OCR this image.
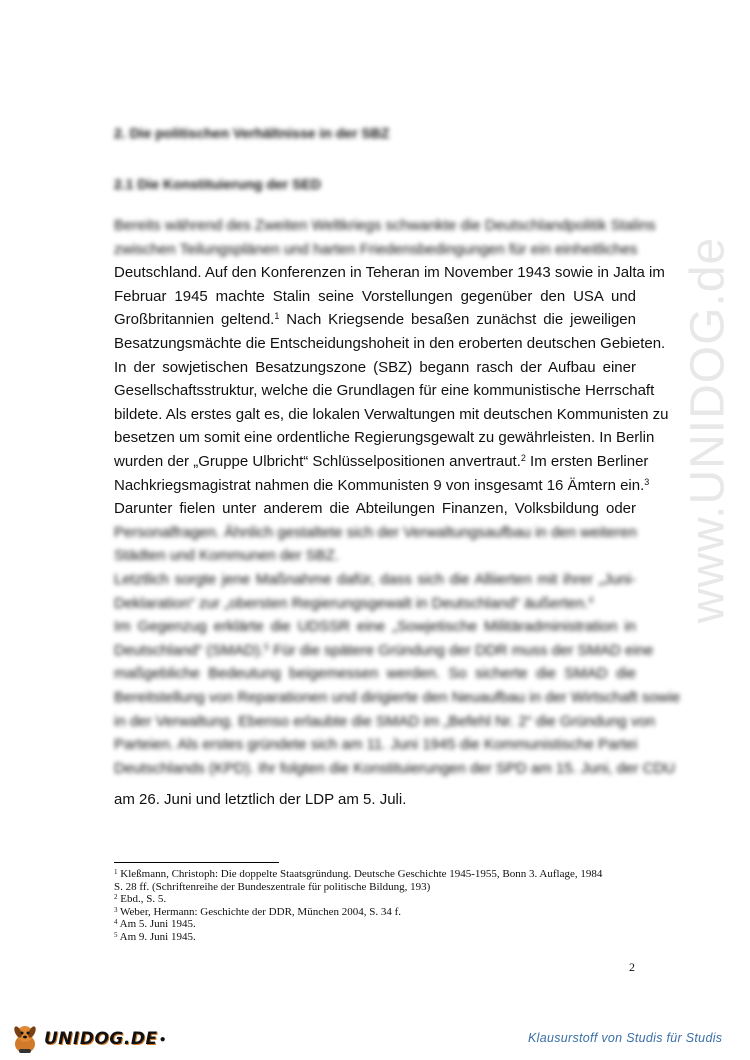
www.UNIDOG.de
2. Die politischen Verhältnisse in der SBZ
2.1 Die Konstituierung der SED
Bereits während des Zweiten Weltkriegs schwankte die Deutschlandpolitik Stalins
zwischen Teilungsplänen und harten Friedensbedingungen für ein einheitliches
Deutschland. Auf den Konferenzen in Teheran im November 1943 sowie in Jalta im
Februar 1945 machte Stalin seine Vorstellungen gegenüber den USA und
Großbritannien geltend.$^1$ Nach Kriegsende besaßen zunächst die jeweiligen
Besatzungsmächte die Entscheidungshoheit in den eroberten deutschen Gebieten.
In der sowjetischen Besatzungszone (SBZ) begann rasch der Aufbau einer
Gesellschaftsstruktur, welche die Grundlagen für eine kommunistische Herrschaft
bildete. Als erstes galt es, die lokalen Verwaltungen mit deutschen Kommunisten zu
besetzen um somit eine ordentliche Regierungsgewalt zu gewährleisten. In Berlin
wurden der „Gruppe Ulbricht“ Schlüsselpositionen anvertraut.$^2$ Im ersten Berliner
Nachkriegsmagistrat nahmen die Kommunisten 9 von insgesamt 16 Ämtern ein.$^3$
Darunter fielen unter anderem die Abteilungen Finanzen, Volksbildung oder
Personalfragen. Ähnlich gestaltete sich der Verwaltungsaufbau in den weiteren
Städten und Kommunen der SBZ.
Letztlich sorgte jene Maßnahme dafür, dass sich die Alliierten mit ihrer „Juni-
Deklaration“ zur „obersten Regierungsgewalt in Deutschland“ äußerten.$^4$
Im Gegenzug erklärte die UDSSR eine „Sowjetische Militäradministration in
Deutschland“ (SMAD).$^5$ Für die spätere Gründung der DDR muss der SMAD eine
maßgebliche Bedeutung beigemessen werden. So sicherte die SMAD die
Bereitstellung von Reparationen und dirigierte den Neuaufbau in der Wirtschaft sowie
in der Verwaltung. Ebenso erlaubte die SMAD im „Befehl Nr. 2“ die Gründung von
Parteien. Als erstes gründete sich am 11. Juni 1945 die Kommunistische Partei
Deutschlands (KPD). Ihr folgten die Konstituierungen der SPD am 15. Juni, der CDU
am 26. Juni und letztlich der LDP am 5. Juli.
$^1$ Kleßmann, Christoph: Die doppelte Staatsgründung. Deutsche Geschichte 1945-1955, Bonn 3. Auflage, 1984
S. 28 ff. (Schriftenreihe der Bundeszentrale für politische Bildung, 193)
$^2$ Ebd., S. 5.
$^3$ Weber, Hermann: Geschichte der DDR, München 2004, S. 34 f.
$^4$ Am 5. Juni 1945.
$^5$ Am 9. Juni 1945.
2
UNIDOG.DE ●	Klausurstoff von Studis für Studis
